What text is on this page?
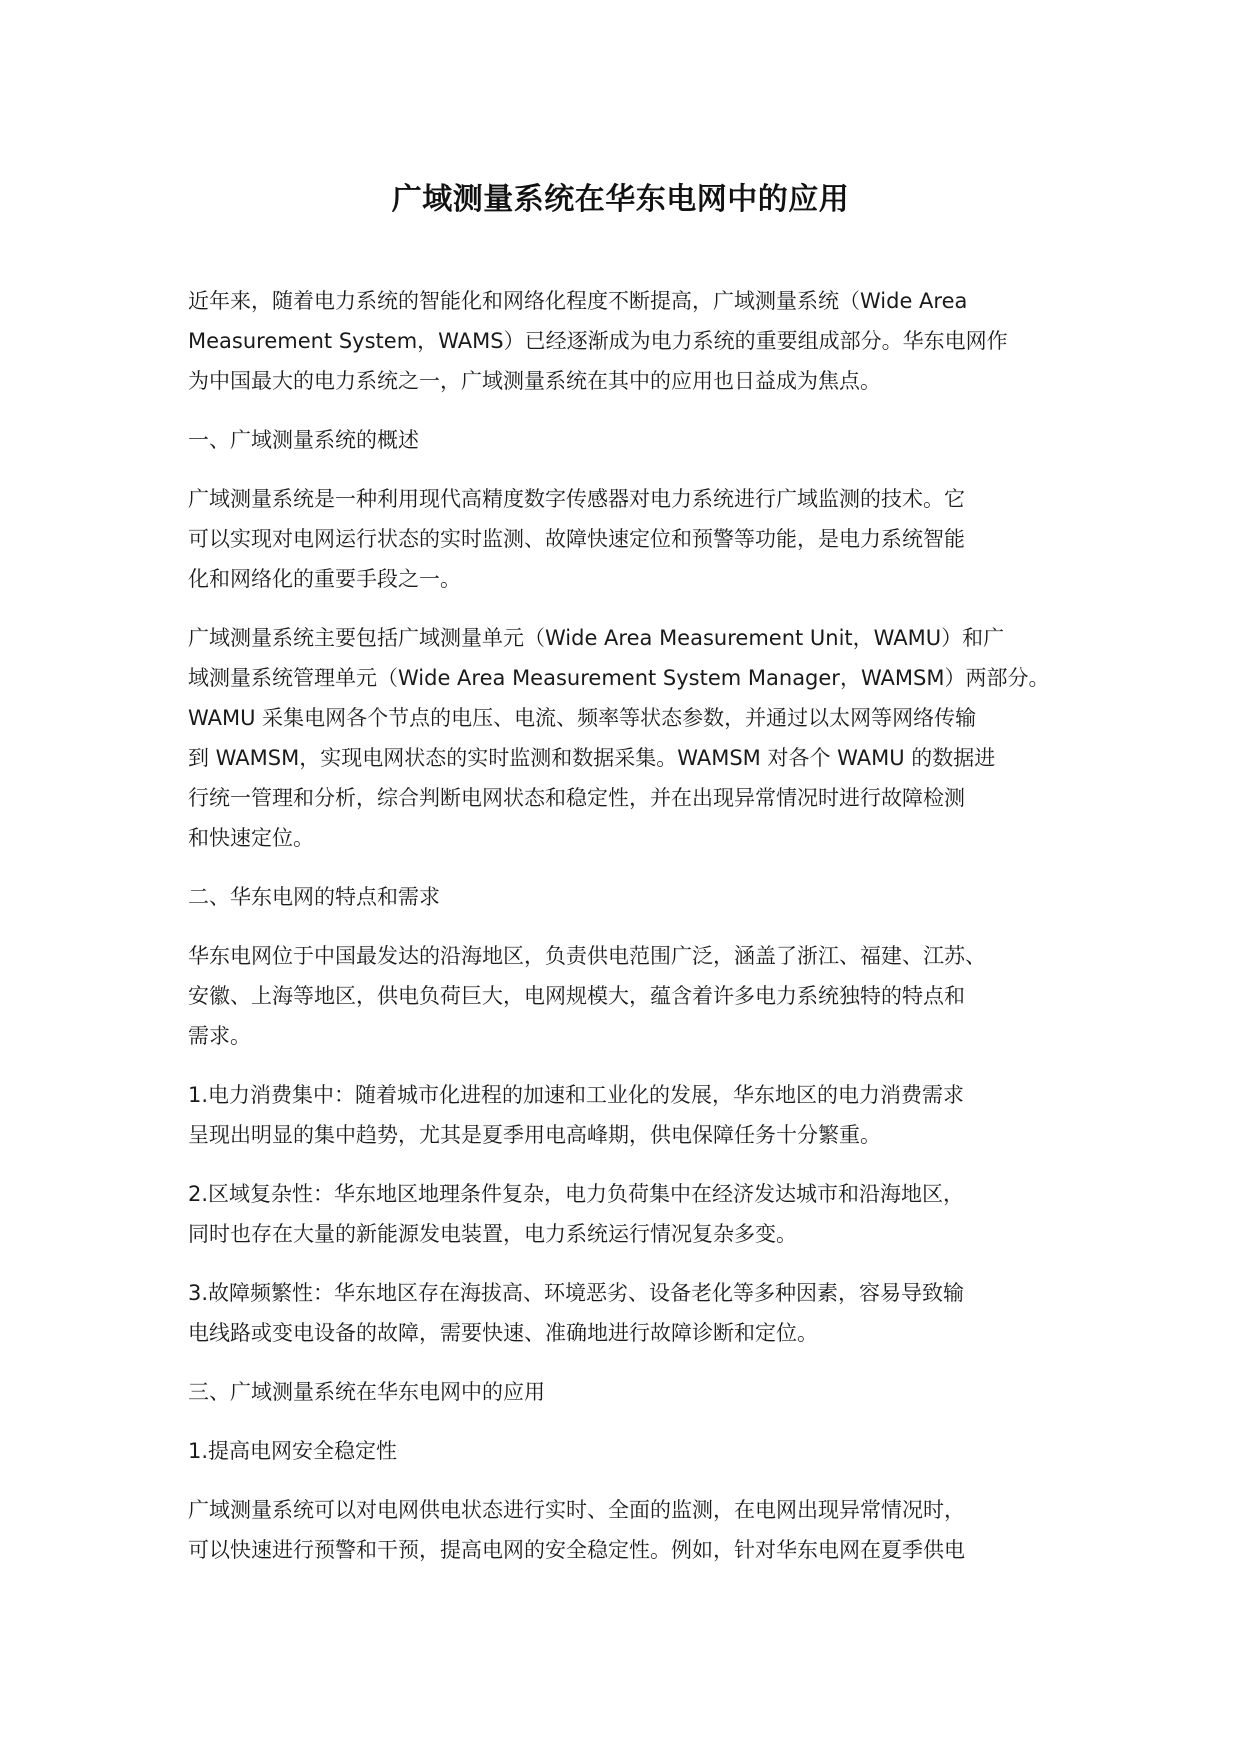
广域测量系统在华东电网中的应用

近年来，随着电力系统的智能化和网络化程度不断提高，广域测量系统（Wide Area
Measurement System，WAMS）已经逐渐成为电力系统的重要组成部分。华东电网作
为中国最大的电力系统之一，广域测量系统在其中的应用也日益成为焦点。

一、广域测量系统的概述

广域测量系统是一种利用现代高精度数字传感器对电力系统进行广域监测的技术。它
可以实现对电网运行状态的实时监测、故障快速定位和预警等功能，是电力系统智能
化和网络化的重要手段之一。

广域测量系统主要包括广域测量单元（Wide Area Measurement Unit，WAMU）和广
域测量系统管理单元（Wide Area Measurement System Manager，WAMSM）两部分。
WAMU 采集电网各个节点的电压、电流、频率等状态参数，并通过以太网等网络传输
到 WAMSM，实现电网状态的实时监测和数据采集。WAMSM 对各个 WAMU 的数据进
行统一管理和分析，综合判断电网状态和稳定性，并在出现异常情况时进行故障检测
和快速定位。

二、华东电网的特点和需求

华东电网位于中国最发达的沿海地区，负责供电范围广泛，涵盖了浙江、福建、江苏、
安徽、上海等地区，供电负荷巨大，电网规模大，蕴含着许多电力系统独特的特点和
需求。

1.电力消费集中：随着城市化进程的加速和工业化的发展，华东地区的电力消费需求
呈现出明显的集中趋势，尤其是夏季用电高峰期，供电保障任务十分繁重。

2.区域复杂性：华东地区地理条件复杂，电力负荷集中在经济发达城市和沿海地区，
同时也存在大量的新能源发电装置，电力系统运行情况复杂多变。

3.故障频繁性：华东地区存在海拔高、环境恶劣、设备老化等多种因素，容易导致输
电线路或变电设备的故障，需要快速、准确地进行故障诊断和定位。

三、广域测量系统在华东电网中的应用

1.提高电网安全稳定性

广域测量系统可以对电网供电状态进行实时、全面的监测，在电网出现异常情况时，
可以快速进行预警和干预，提高电网的安全稳定性。例如，针对华东电网在夏季供电
